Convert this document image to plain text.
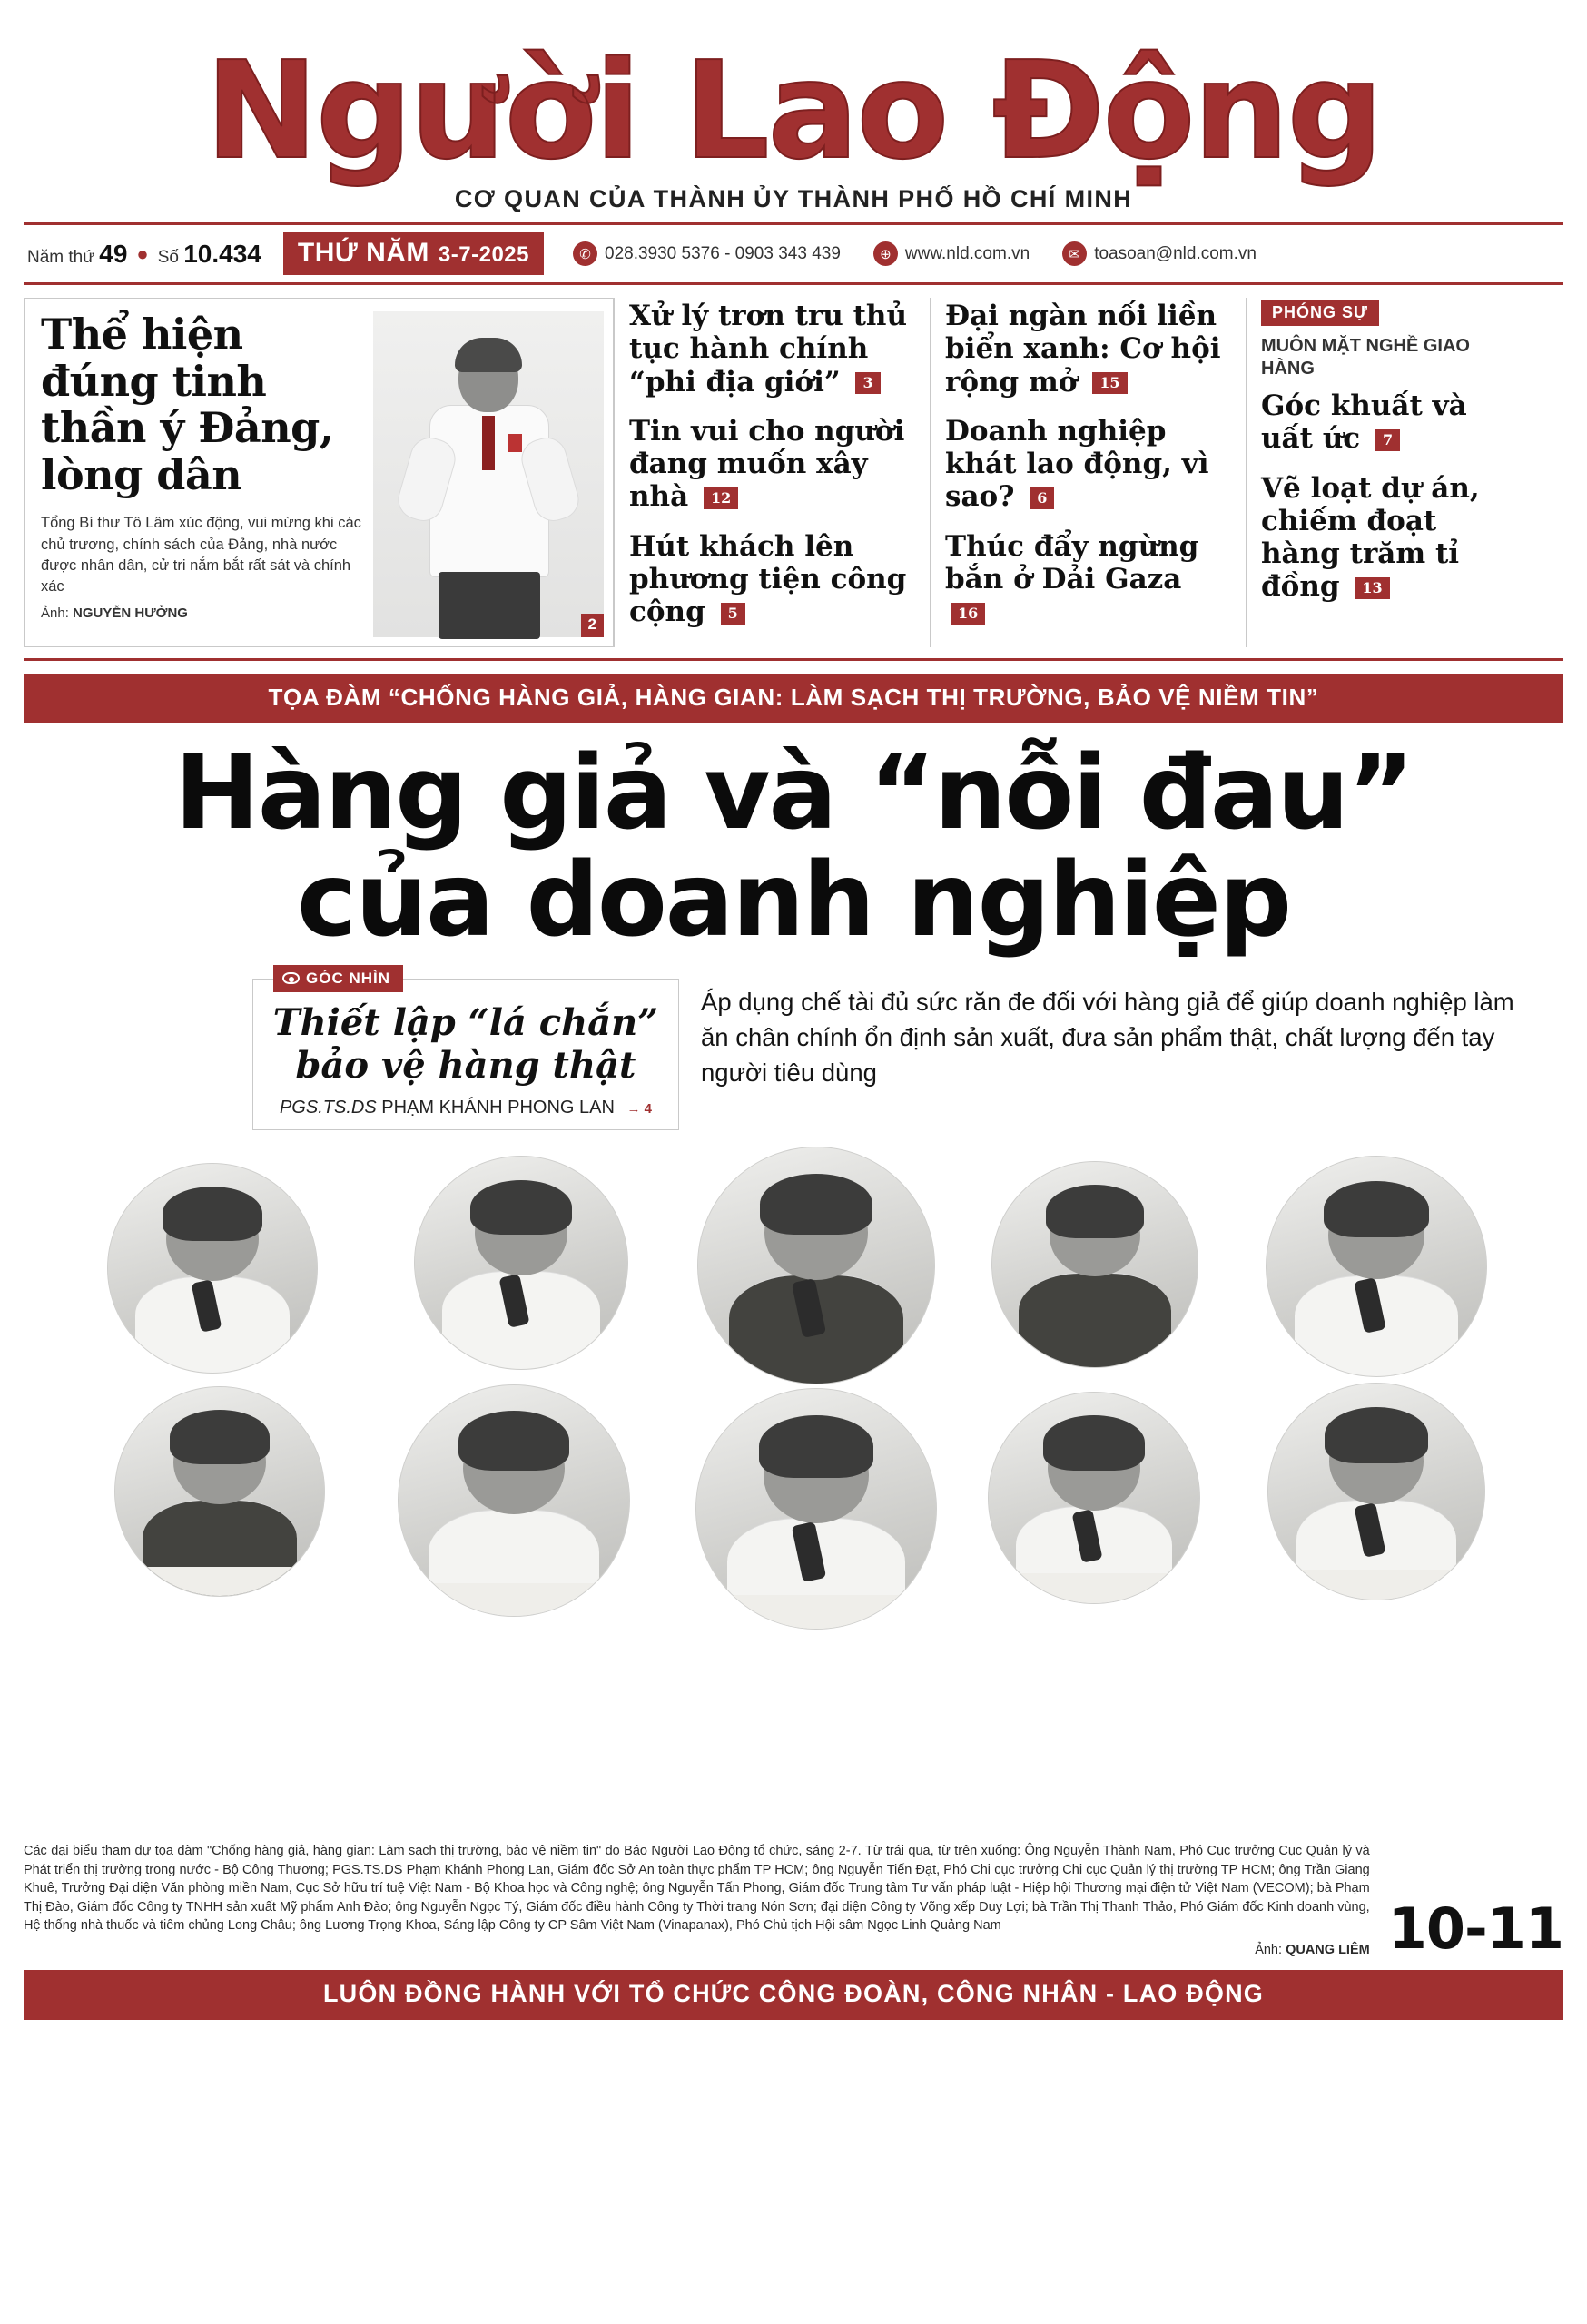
Người Lao Động
CƠ QUAN CỦA THÀNH ỦY THÀNH PHỐ HỒ CHÍ MINH
Năm thứ 49 ● Số 10.434 THỨ NĂM 3-7-2025	✆ 028.3930 5376 - 0903 343 439	⊕ www.nld.com.vn	✉ toasoan@nld.com.vn
Thể hiện đúng tinh thần ý Đảng, lòng dân
Tổng Bí thư Tô Lâm xúc động, vui mừng khi các chủ trương, chính sách của Đảng, nhà nước được nhân dân, cử tri nắm bắt rất sát và chính xác
Ảnh: NGUYỄN HƯỞNG
2
Xử lý trơn tru thủ tục hành chính “phi địa giới” 3
Tin vui cho người đang muốn xây nhà 12
Hút khách lên phương tiện công cộng 5
Đại ngàn nối liền biển xanh: Cơ hội rộng mở 15
Doanh nghiệp khát lao động, vì sao? 6
Thúc đẩy ngừng bắn ở Dải Gaza 16
PHÓNG SỰ
MUÔN MẶT NGHỀ GIAO HÀNG
Góc khuất và uất ức 7
Vẽ loạt dự án, chiếm đoạt hàng trăm tỉ đồng 13
TỌA ĐÀM “CHỐNG HÀNG GIẢ, HÀNG GIAN: LÀM SẠCH THỊ TRƯỜNG, BẢO VỆ NIỀM TIN”
Hàng giả và “nỗi đau”
của doanh nghiệp
GÓC NHÌN
Thiết lập “lá chắn” bảo vệ hàng thật
PGS.TS.DS PHẠM KHÁNH PHONG LAN → 4
Áp dụng chế tài đủ sức răn đe đối với hàng giả để giúp doanh nghiệp làm ăn chân chính ổn định sản xuất, đưa sản phẩm thật, chất lượng đến tay người tiêu dùng
Các đại biểu tham dự tọa đàm "Chống hàng giả, hàng gian: Làm sạch thị trường, bảo vệ niềm tin" do Báo Người Lao Động tổ chức, sáng 2-7. Từ trái qua, từ trên xuống: Ông Nguyễn Thành Nam, Phó Cục trưởng Cục Quản lý và Phát triển thị trường trong nước - Bộ Công Thương; PGS.TS.DS Phạm Khánh Phong Lan, Giám đốc Sở An toàn thực phẩm TP HCM; ông Nguyễn Tiến Đạt, Phó Chi cục trưởng Chi cục Quản lý thị trường TP HCM; ông Trần Giang Khuê, Trưởng Đại diện Văn phòng miền Nam, Cục Sở hữu trí tuệ Việt Nam - Bộ Khoa học và Công nghệ; ông Nguyễn Tấn Phong, Giám đốc Trung tâm Tư vấn pháp luật - Hiệp hội Thương mại điện tử Việt Nam (VECOM); bà Phạm Thị Đào, Giám đốc Công ty TNHH sản xuất Mỹ phẩm Anh Đào; ông Nguyễn Ngọc Tý, Giám đốc điều hành Công ty Thời trang Nón Sơn; đại diện Công ty Võng xếp Duy Lợi; bà Trần Thị Thanh Thảo, Phó Giám đốc Kinh doanh vùng, Hệ thống nhà thuốc và tiêm chủng Long Châu; ông Lương Trọng Khoa, Sáng lập Công ty CP Sâm Việt Nam (Vinapanax), Phó Chủ tịch Hội sâm Ngọc Linh Quảng Nam
Ảnh: QUANG LIÊM 10-11
LUÔN ĐỒNG HÀNH VỚI TỔ CHỨC CÔNG ĐOÀN, CÔNG NHÂN - LAO ĐỘNG
